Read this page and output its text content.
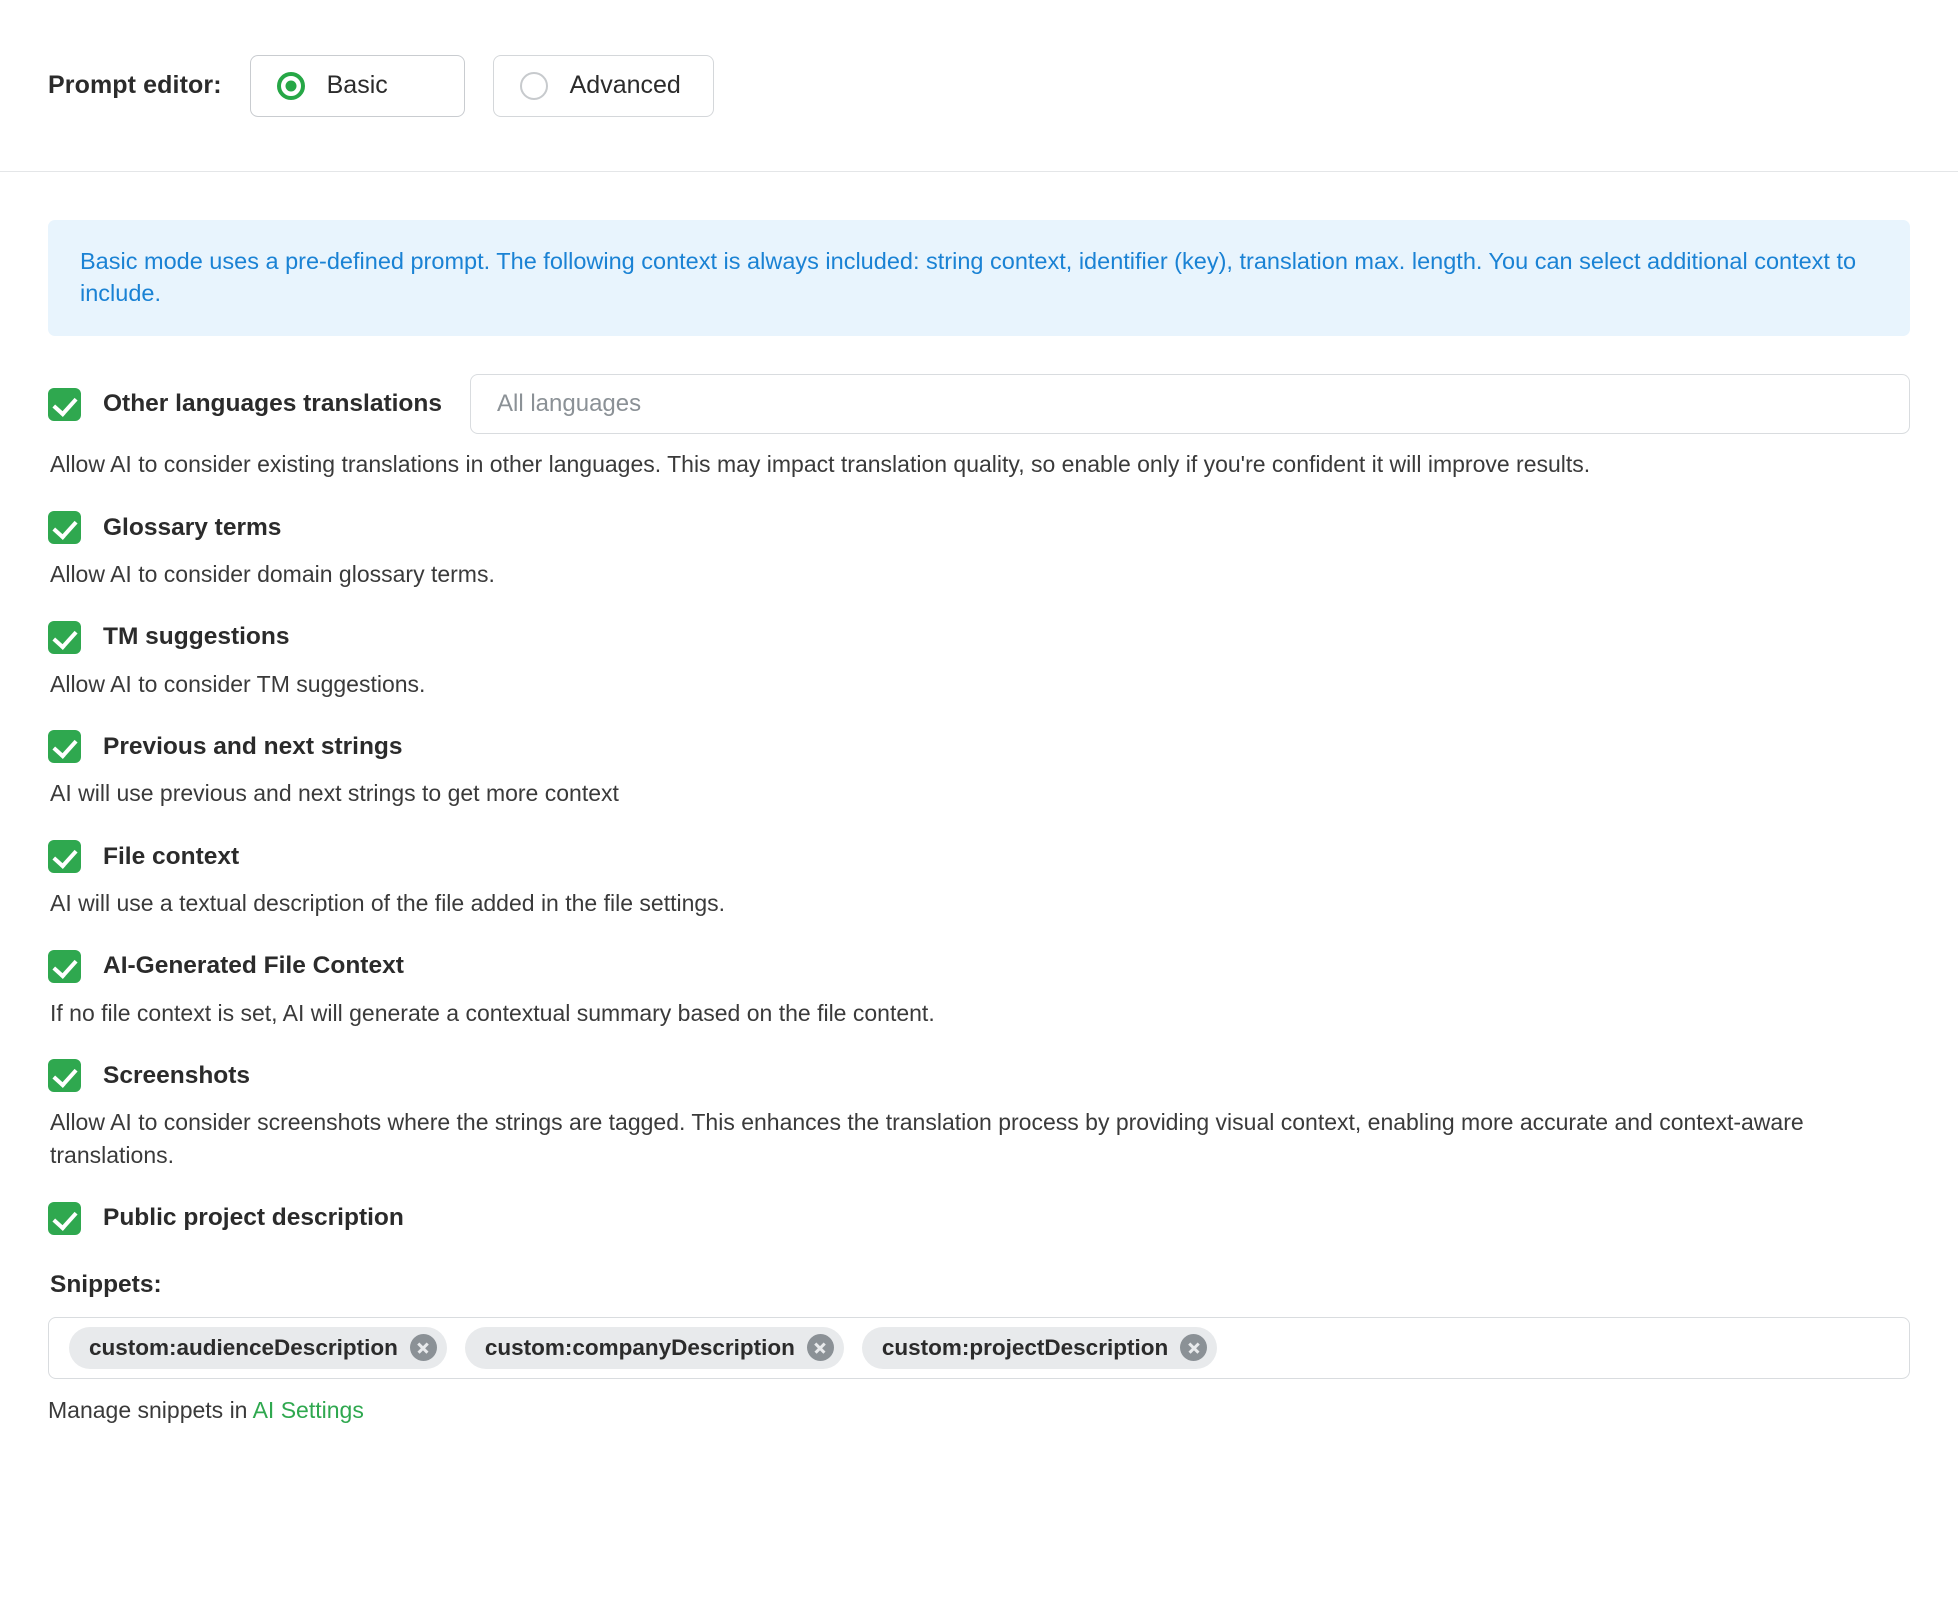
Prompt editor:	Basic	Advanced
Basic mode uses a pre-defined prompt. The following context is always included: string context, identifier (key), translation max. length. You can select additional context to include.
Other languages translations All languages
Allow AI to consider existing translations in other languages. This may impact translation quality, so enable only if you're confident it will improve results.
Glossary terms
Allow AI to consider domain glossary terms.
TM suggestions
Allow AI to consider TM suggestions.
Previous and next strings
AI will use previous and next strings to get more context
File context
AI will use a textual description of the file added in the file settings.
AI-Generated File Context
If no file context is set, AI will generate a contextual summary based on the file content.
Screenshots
Allow AI to consider screenshots where the strings are tagged. This enhances the translation process by providing visual context, enabling more accurate and context-aware translations.
Public project description
Snippets:
custom:audienceDescription	custom:companyDescription	custom:projectDescription
Manage snippets in AI Settings
